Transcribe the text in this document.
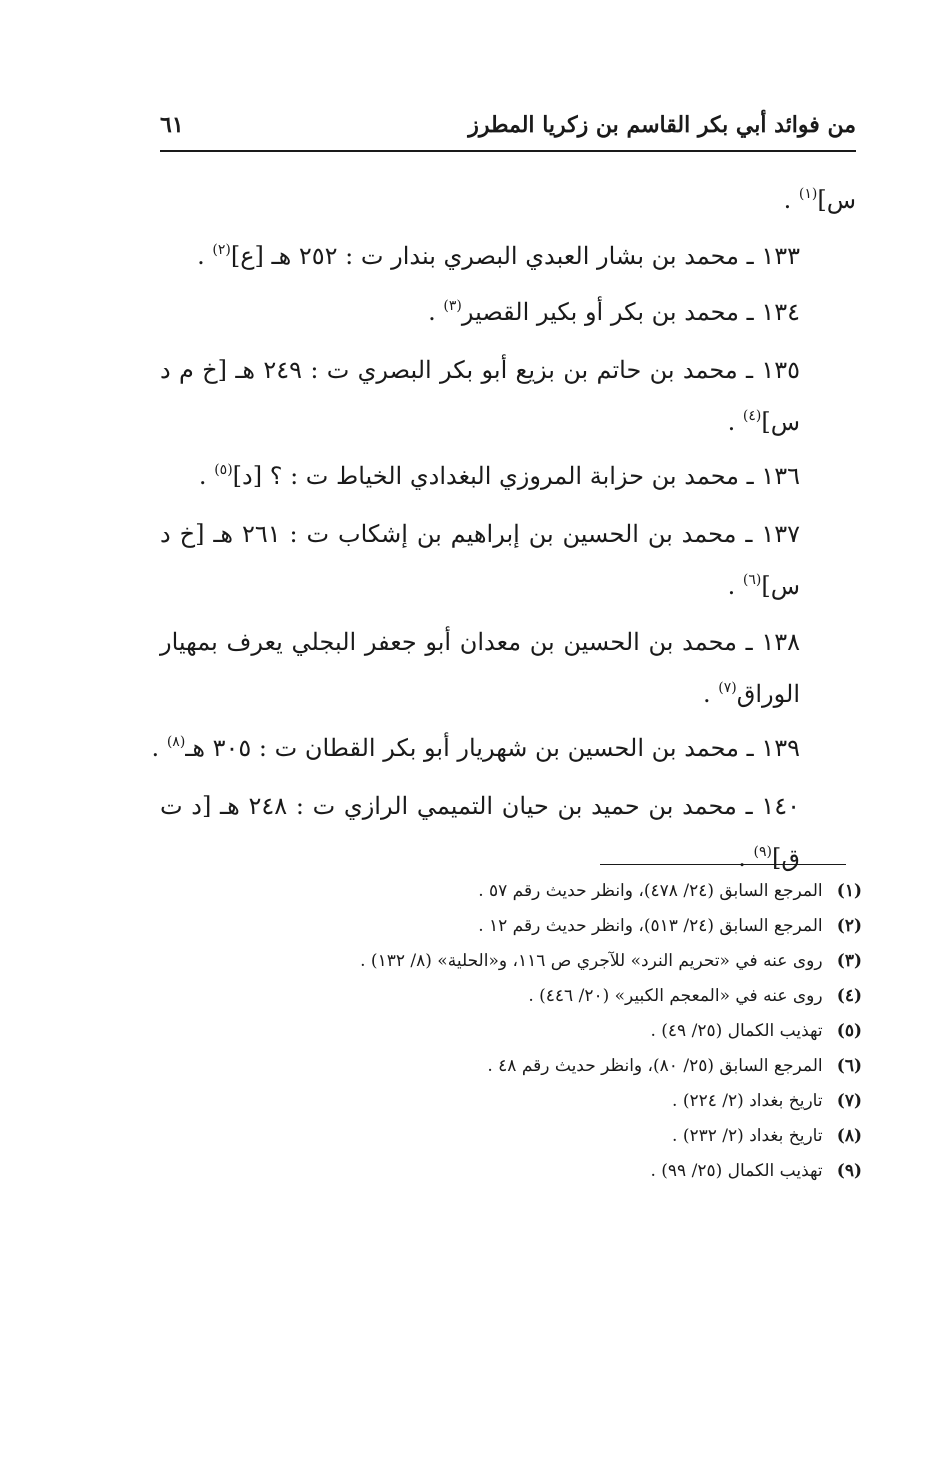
من فوائد أبي بكر القاسم بن زكريا المطرز
٦١
س]$^{(١)}$ .
١٣٣ ـ محمد بن بشار العبدي البصري بندار ت : ٢٥٢ هـ [ع]$^{(٢)}$ .
١٣٤ ـ محمد بن بكر أو بكير القصير$^{(٣)}$ .
١٣٥ ـ محمد بن حاتم بن بزيع أبو بكر البصري ت : ٢٤٩ هـ [خ م د س]$^{(٤)}$ .
١٣٦ ـ محمد بن حزابة المروزي البغدادي الخياط ت : ؟ [د]$^{(٥)}$ .
١٣٧ ـ محمد بن الحسين بن إبراهيم بن إشكاب ت : ٢٦١ هـ [خ د س]$^{(٦)}$ .
١٣٨ ـ محمد بن الحسين بن معدان أبو جعفر البجلي يعرف بمهيار الوراق$^{(٧)}$ .
١٣٩ ـ محمد بن الحسين بن شهريار أبو بكر القطان ت : ٣٠٥ هـ$^{(٨)}$ .
١٤٠ ـ محمد بن حميد بن حيان التميمي الرازي ت : ٢٤٨ هـ [د ت ق]$^{(٩)}$ .
(١) المرجع السابق (٢٤/ ٤٧٨)، وانظر حديث رقم ٥٧ .
(٢) المرجع السابق (٢٤/ ٥١٣)، وانظر حديث رقم ١٢ .
(٣) روى عنه في «تحريم النرد» للآجري ص ١١٦، و«الحلية» (٨/ ١٣٢) .
(٤) روى عنه في «المعجم الكبير» (٢٠/ ٤٤٦) .
(٥) تهذيب الكمال (٢٥/ ٤٩) .
(٦) المرجع السابق (٢٥/ ٨٠)، وانظر حديث رقم ٤٨ .
(٧) تاريخ بغداد (٢/ ٢٢٤) .
(٨) تاريخ بغداد (٢/ ٢٣٢) .
(٩) تهذيب الكمال (٢٥/ ٩٩) .
